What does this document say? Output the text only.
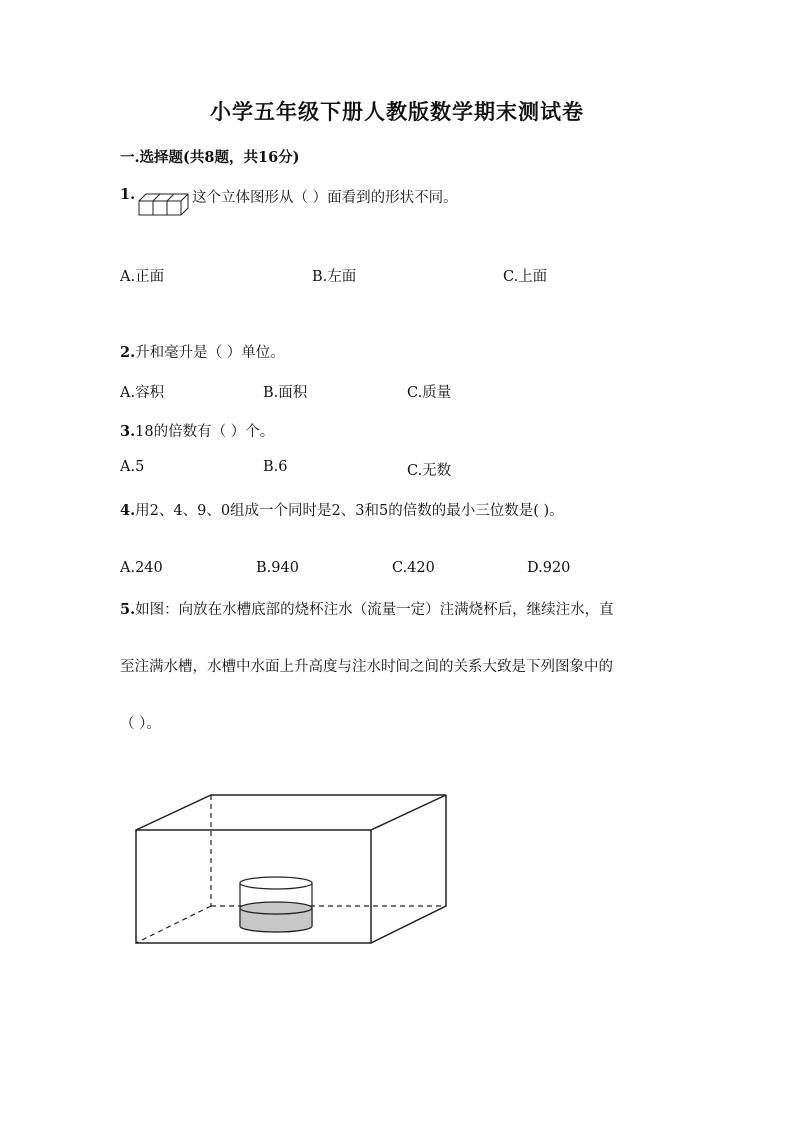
小学五年级下册人教版数学期末测试卷
一.选择题(共8题，共16分)
1.	这个立体图形从（ ）面看到的形状不同。
A.正面	B.左面	C.上面
2.升和毫升是（ ）单位。
A.容积	B.面积	C.质量
3.18的倍数有（ ）个。
A.5	B.6	C.无数
4.用2、4、9、0组成一个同时是2、3和5的倍数的最小三位数是( )。
A.240	B.940	C.420	D.920
5.如图：向放在水槽底部的烧杯注水（流量一定）注满烧杯后，继续注水，直
至注满水槽，水槽中水面上升高度与注水时间之间的关系大致是下列图象中的
（ ）。
